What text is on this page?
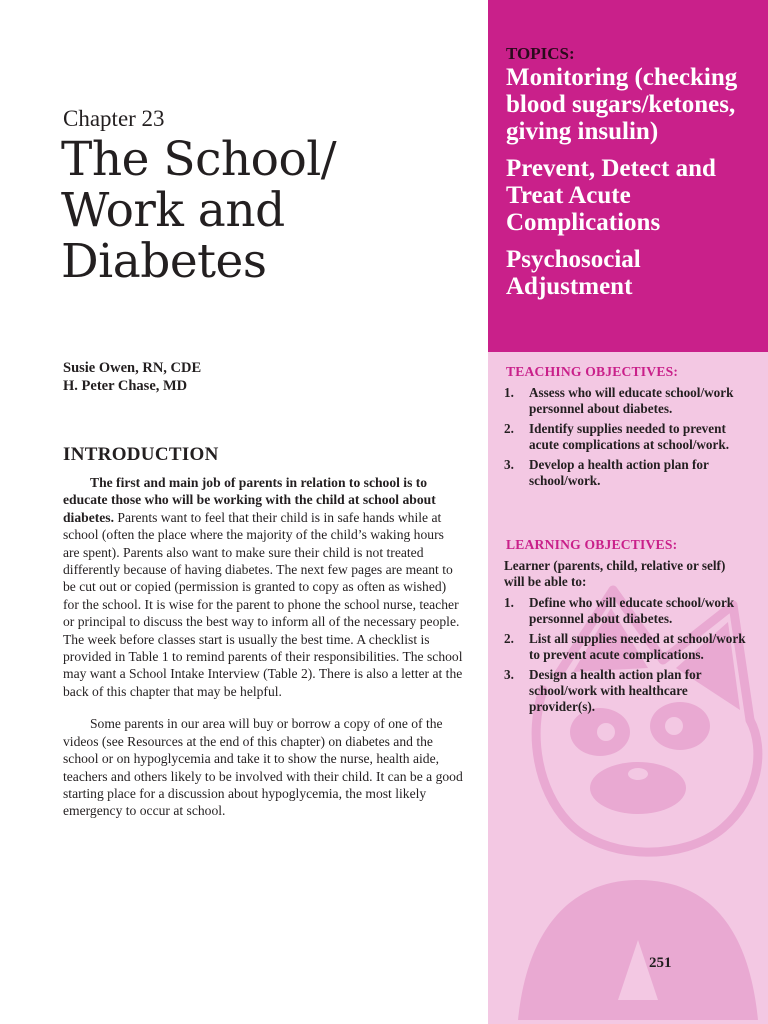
Chapter 23
The School/
Work and
Diabetes
Susie Owen, RN, CDE
H. Peter Chase, MD
INTRODUCTION

The first and main job of parents in relation to school is to educate those who will be working with the child at school about diabetes. Parents want to feel that their child is in safe hands while at school (often the place where the majority of the child’s waking hours are spent). Parents also want to make sure their child is not treated differently because of having diabetes. The next few pages are meant to be cut out or copied (permission is granted to copy as often as wished) for the school. It is wise for the parent to phone the school nurse, teacher or principal to discuss the best way to inform all of the necessary people. The week before classes start is usually the best time. A checklist is provided in Table 1 to remind parents of their responsibilities. The school may want a School Intake Interview (Table 2). There is also a letter at the back of this chapter that may be helpful.

Some parents in our area will buy or borrow a copy of one of the videos (see Resources at the end of this chapter) on diabetes and the school or on hypoglycemia and take it to show the nurse, health aide, teachers and others likely to be involved with their child. It can be a good starting place for a discussion about hypoglycemia, the most likely emergency to occur at school.

TOPICS:
Monitoring (checking blood sugars/ketones, giving insulin)
Prevent, Detect and Treat Acute Complications
Psychosocial Adjustment
TEACHING OBJECTIVES:
1. Assess who will educate school/work personnel about diabetes.
2. Identify supplies needed to prevent acute complications at school/work.
3. Develop a health action plan for school/work.
LEARNING OBJECTIVES:
Learner (parents, child, relative or self) will be able to:
1. Define who will educate school/work personnel about diabetes.
2. List all supplies needed at school/work to prevent acute complications.
3. Design a health action plan for school/work with healthcare provider(s).
251
